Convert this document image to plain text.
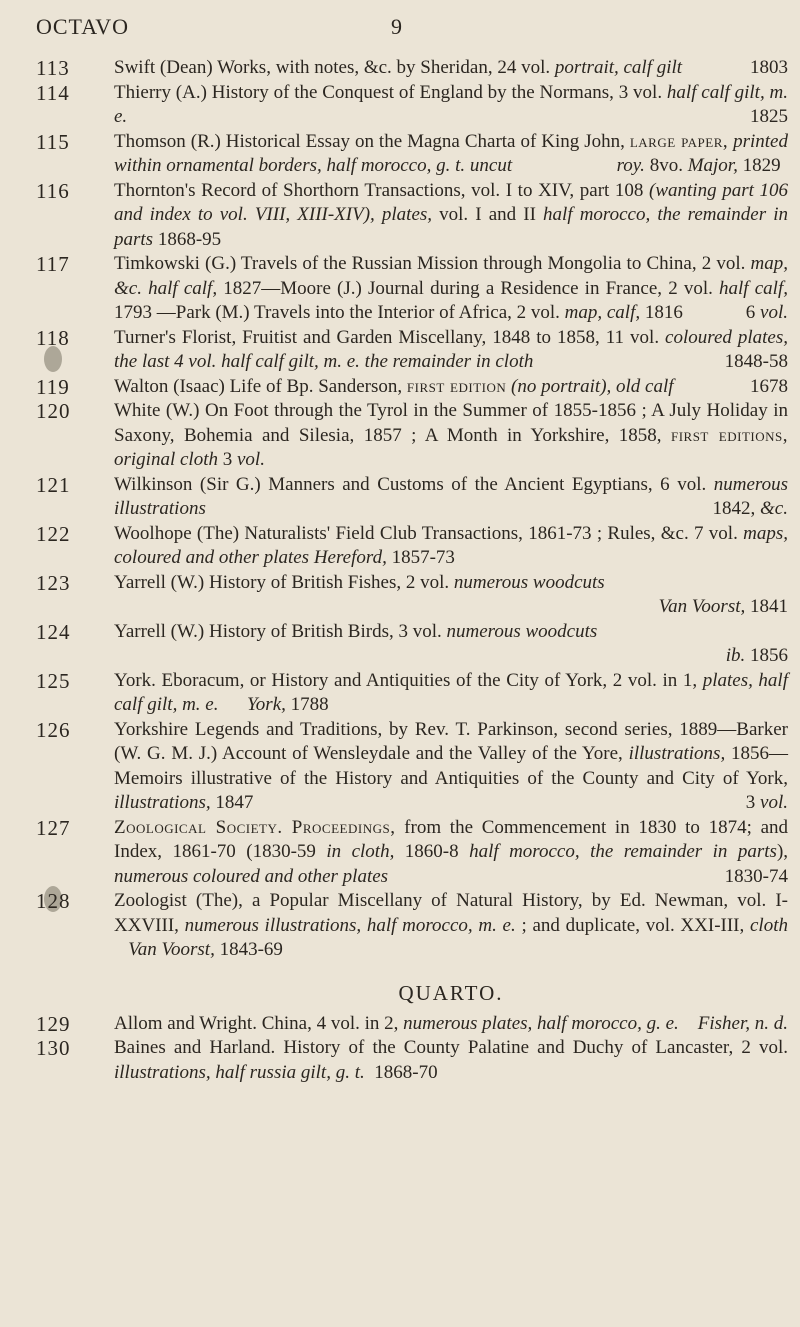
OCTAVO	9
113 Swift (Dean) Works, with notes, &c. by Sheridan, 24 vol. portrait, calf gilt	1803
114 Thierry (A.) History of the Conquest of England by the Normans, 3 vol. half calf gilt, m. e.	1825
115 Thomson (R.) Historical Essay on the Magna Charta of King John, large paper, printed within ornamental borders, half morocco, g. t. uncut	roy. 8vo. Major, 1829
116 Thornton's Record of Shorthorn Transactions, vol. I to XIV, part 108 (wanting part 106 and index to vol. VIII, XIII-XIV), plates, vol. I and II half morocco, the remainder in parts 1868-95
117 Timkowski (G.) Travels of the Russian Mission through Mongolia to China, 2 vol. map, &c. half calf, 1827—Moore (J.) Journal during a Residence in France, 2 vol. half calf, 1793 —Park (M.) Travels into the Interior of Africa, 2 vol. map, calf, 1816	6 vol.
118 Turner's Florist, Fruitist and Garden Miscellany, 1848 to 1858, 11 vol. coloured plates, the last 4 vol. half calf gilt, m. e. the remainder in cloth	1848-58
119 Walton (Isaac) Life of Bp. Sanderson, first edition (no portrait), old calf	1678
120 White (W.) On Foot through the Tyrol in the Summer of 1855-1856 ; A July Holiday in Saxony, Bohemia and Silesia, 1857 ; A Month in Yorkshire, 1858, first editions, original cloth 3 vol.
121 Wilkinson (Sir G.) Manners and Customs of the Ancient Egyptians, 6 vol. numerous illustrations	1842, &c.
122 Woolhope (The) Naturalists' Field Club Transactions, 1861-73 ; Rules, &c. 7 vol. maps, coloured and other plates Hereford, 1857-73
123 Yarrell (W.) History of British Fishes, 2 vol. numerous woodcuts

Van Voorst, 1841

124 Yarrell (W.) History of British Birds, 3 vol. numerous woodcuts

ib. 1856

125 York. Eboracum, or History and Antiquities of the City of York, 2 vol. in 1, plates, half calf gilt, m. e. York, 1788
126 Yorkshire Legends and Traditions, by Rev. T. Parkinson, second series, 1889—Barker (W. G. M. J.) Account of Wensleydale and the Valley of the Yore, illustrations, 1856—Memoirs illustrative of the History and Antiquities of the County and City of York, illustrations, 1847	3 vol.
127 Zoological Society. Proceedings, from the Commencement in 1830 to 1874; and Index, 1861-70 (1830-59 in cloth, 1860-8 half morocco, the remainder in parts), numerous coloured and other plates	1830-74
128 Zoologist (The), a Popular Miscellany of Natural History, by Ed. Newman, vol. I-XXVIII, numerous illustrations, half morocco, m. e. ; and duplicate, vol. XXI-III, cloth    Van Voorst, 1843-69
QUARTO.
129 Allom and Wright. China, 4 vol. in 2, numerous plates, half morocco, g. e. Fisher, n. d.
130 Baines and Harland. History of the County Palatine and Duchy of Lancaster, 2 vol. illustrations, half russia gilt, g. t.  1868-70
